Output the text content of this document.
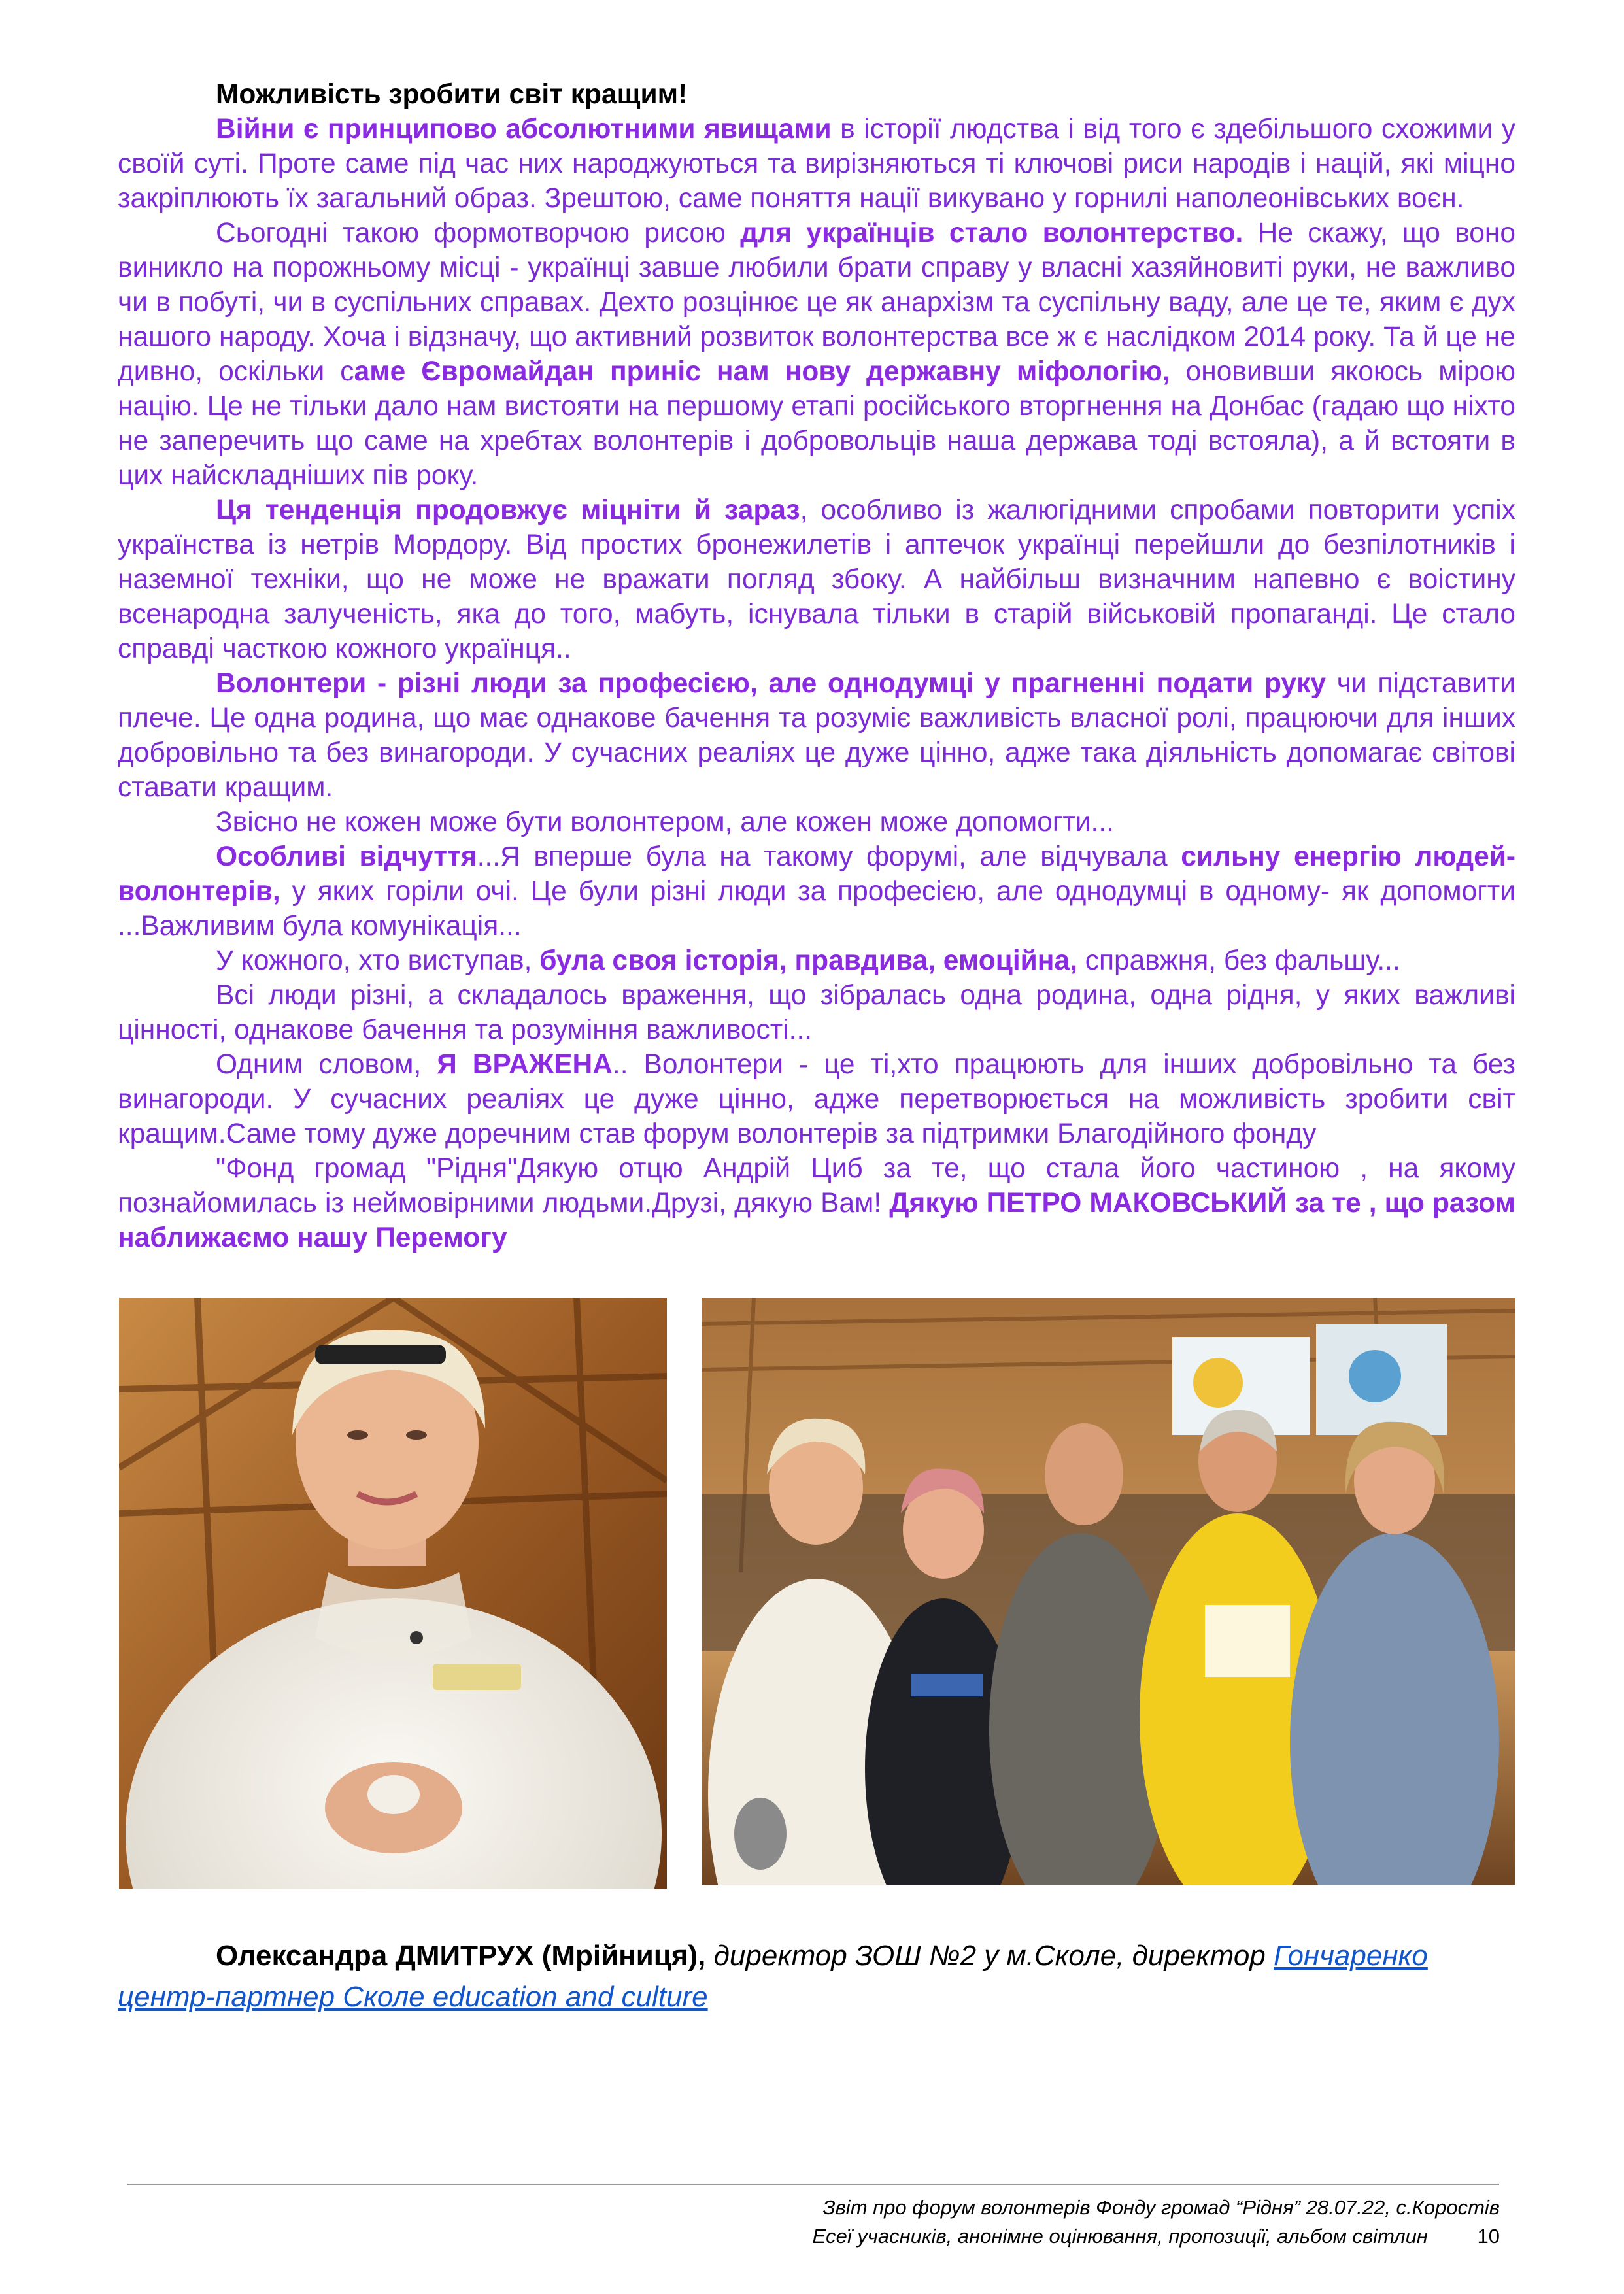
Можливість зробити світ кращим!

Війни є принципово абсолютними явищами в історії людства і від того є здебільшого схожими у своїй суті. Проте саме під час них народжуються та вирізняються ті ключові риси народів і націй, які міцно закріплюють їх загальний образ. Зрештою, саме поняття нації викувано у горнилі наполеонівських воєн.

Сьогодні такою формотворчою рисою для українців стало волонтерство. Не скажу, що воно виникло на порожньому місці - українці завше любили брати справу у власні хазяйновиті руки, не важливо чи в побуті, чи в суспільних справах. Дехто розцінює це як анархізм та суспільну ваду, але це те, яким є дух нашого народу. Хоча і відзначу, що активний розвиток волонтерства все ж є наслідком 2014 року. Та й це не дивно, оскільки саме Євромайдан приніс нам нову державну міфологію, оновивши якоюсь мірою націю. Це не тільки дало нам вистояти на першому етапі російського вторгнення на Донбас (гадаю що ніхто не заперечить що саме на хребтах волонтерів і добровольців наша держава тоді встояла), а й встояти в цих найскладніших пів року.

Ця тенденція продовжує міцніти й зараз, особливо із жалюгідними спробами повторити успіх українства із нетрів Мордору. Від простих бронежилетів і аптечок українці перейшли до безпілотників і наземної техніки, що не може не вражати погляд збоку. А найбільш визначним напевно є воістину всенародна залученість, яка до того, мабуть, існувала тільки в старій військовій пропаганді. Це стало справді часткою кожного українця..

Волонтери - різні люди за професією, але однодумці у прагненні подати руку чи підставити плече. Це одна родина, що має однакове бачення та розуміє важливість власної ролі, працюючи для інших добровільно та без винагороди. У сучасних реаліях це дуже цінно, адже така діяльність допомагає світові ставати кращим.

Звісно не кожен може бути волонтером, але кожен може допомогти...

Особливі відчуття...Я вперше була на такому форумі, але відчувала сильну енергію людей- волонтерів, у яких горіли очі. Це були різні люди за професією, але однодумці в одному- як допомогти ...Важливим була комунікація...

У кожного, хто виступав, була своя історія, правдива, емоційна, справжня, без фальшу...

Всі люди різні, а складалось враження, що зібралась одна родина, одна рідня, у яких важливі цінності, однакове бачення та розуміння важливості...

Одним словом, Я ВРАЖЕНА.. Волонтери - це ті,хто працюють для інших добровільно та без винагороди. У сучасних реаліях це дуже цінно, адже перетворюється на можливість зробити світ кращим.Саме тому дуже доречним став форум волонтерів за підтримки Благодійного фонду

"Фонд громад "Рідня"Дякую отцю Андрій Циб за те, що стала його частиною , на якому познайомилась із неймовірними людьми.Друзі, дякую Вам! Дякую ПЕТРО МАКОВСЬКИЙ за те , що разом наближаємо нашу Перемогу

Олександра ДМИТРУХ (Мрійниця), директор ЗОШ №2 у м.Сколе, директор Гончаренко центр-партнер Сколе education and culture
Звіт про форум волонтерів Фонду громад “Рідня” 28.07.22, с.Коростів
Есеї учасників, анонімне оцінювання, пропозиції, альбом світлин 10
